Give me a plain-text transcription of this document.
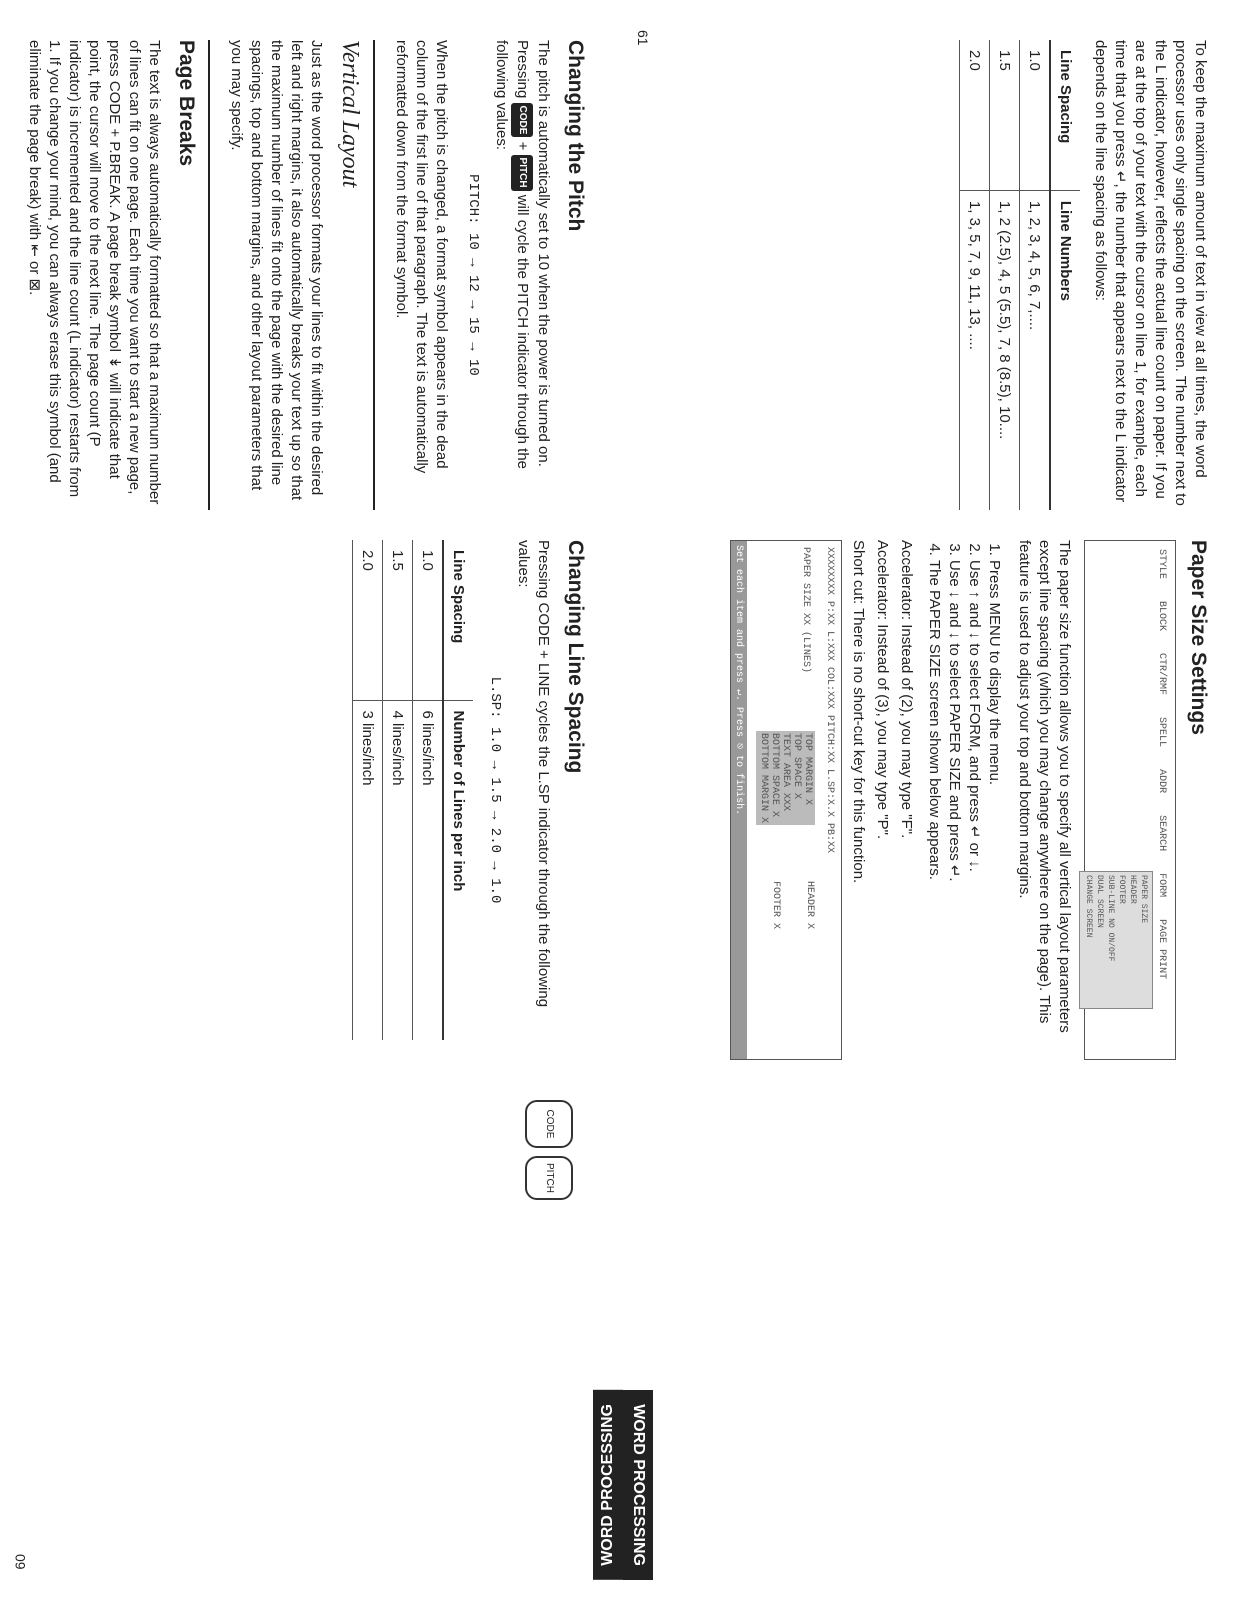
WORD PROCESSING
Changing the Pitch

The pitch is automatically set to 10 when the power is turned on. Pressing CODE + PITCH will cycle the PITCH indicator through the following values:

PITCH: 10 → 12 → 15 → 10

When the pitch is changed, a format symbol appears in the dead column of the first line of that paragraph. The text is automatically reformatted down from the format symbol.

Vertical Layout

Just as the word processor formats your lines to fit within the desired left and right margins, it also automatically breaks your text up so that the maximum number of lines fit onto the page with the desired line spacings, top and bottom margins, and other layout parameters that you may specify.

Page Breaks

The text is always automatically formatted so that a maximum number of lines can fit on one page. Each time you want to start a new page, press CODE + P.BREAK. A page break symbol ↡ will indicate that point, the cursor will move to the next line. The page count (P indicator) is incremented and the line count (L indicator) restarts from 1. If you change your mind, you can always erase this symbol (and eliminate the page break) with ⇤ or ⊠.

Changing Line Spacing

Pressing CODE + LINE cycles the L.SP indicator through the following values:

L.SP: 1.0 → 1.5 → 2.0 → 1.0
Line Spacing	Number of Lines per inch
1.0	6 lines/inch
1.5	4 lines/inch
2.0	3 lines/inch
CODE
PITCH
60

To keep the maximum amount of text in view at all times, the word processor uses only single spacing on the screen. The number next to the L indicator, however, reflects the actual line count on paper. If you are at the top of your text with the cursor on line 1, for example, each time that you press ↵, the number that appears next to the L indicator depends on the line spacing as follows:

Line Spacing	Line Numbers
1.0	1, 2, 3, 4, 5, 6, 7,....
1.5	1, 2 (2.5), 4, 5 (5.5), 7, 8 (8.5), 10....
2.0	1, 3, 5, 7, 9, 11, 13, ....
Paper Size Settings
STYLE
BLOCK
CTR/RMF
SPELL
ADDR
SEARCH
FORM
PAGE PRINT
PAPER SIZE
HEADER
FOOTER
SUB-LINE NO ON/OFF
DUAL SCREEN
CHANGE SCREEN

The paper size function allows you to specify all vertical layout parameters except line spacing (which you may change anywhere on the page). This feature is used to adjust your top and bottom margins.

1. Press MENU to display the menu.
2. Use ↑ and ↓ to select FORM, and press ↵ or ↓.
3. Use ↓ and ↓ to select PAPER SIZE and press ↵.
4. The PAPER SIZE screen shown below appears.
Accelerator: Instead of (2), you may type "F".
Accelerator: Instead of (3), you may type "P".
Short cut: There is no short-cut key for this function.
XXXXXXXX P:XX L:XXX COL:XXX PITCH:XX L.SP:X.X PB:XX
PAPER SIZE XX (LINES)
TOP MARGIN X
TOP SPACE X
TEXT AREA XXX
BOTTOM SPACE X
BOTTOM MARGIN X
HEADER X
FOOTER X
Set each item and press ↵. Press ⎋ to finish.
WORD PROCESSING
61
